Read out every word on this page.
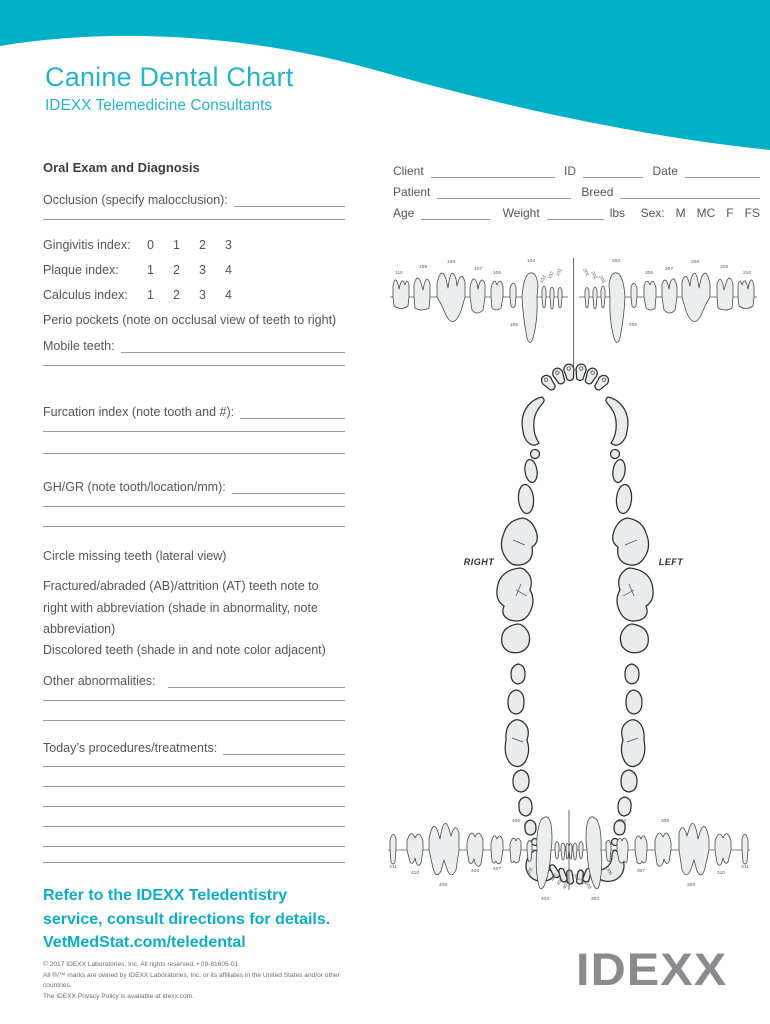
Canine Dental Chart
IDEXX Telemedicine Consultants
Oral Exam and Diagnosis
Occlusion (specify malocclusion):
Gingivitis index:	0	1	2	3
Plaque index:	1	2	3	4
Calculus index:	1	2	3	4
Perio pockets (note on occlusal view of teeth to right)
Mobile teeth:
Furcation index (note tooth and #):
GH/GR (note tooth/location/mm):
Circle missing teeth (lateral view)
Fractured/abraded (AB)/attrition (AT) teeth note to right with abbreviation (shade in abnormality, note abbreviation)
Discolored teeth (shade in and note color adjacent)
Other abnormalities:
Today’s procedures/treatments:
Refer to the IDEXX Teledentistry
service, consult directions for details.
VetMedStat.com/teledental
© 2017 IDEXX Laboratories, Inc. All rights reserved. • 09-81605-01
All ®/™ marks are owned by IDEXX Laboratories, Inc. or its affiliates in the United States and/or other countries.
The IDEXX Privacy Policy is available at idexx.com.
Client	ID	Date
Patient	Breed
Age	Weight	lbs Sex: M MC F FS
110
109
108
107
106
105
104
103 102 101	201 202 203
204
205
206
207
208
209
210
RIGHT	LEFT
411
410
409
408	407
406
405
404
403
402
401
301
302
303
304
305
306
307
308
309
310
311
IDEXX
